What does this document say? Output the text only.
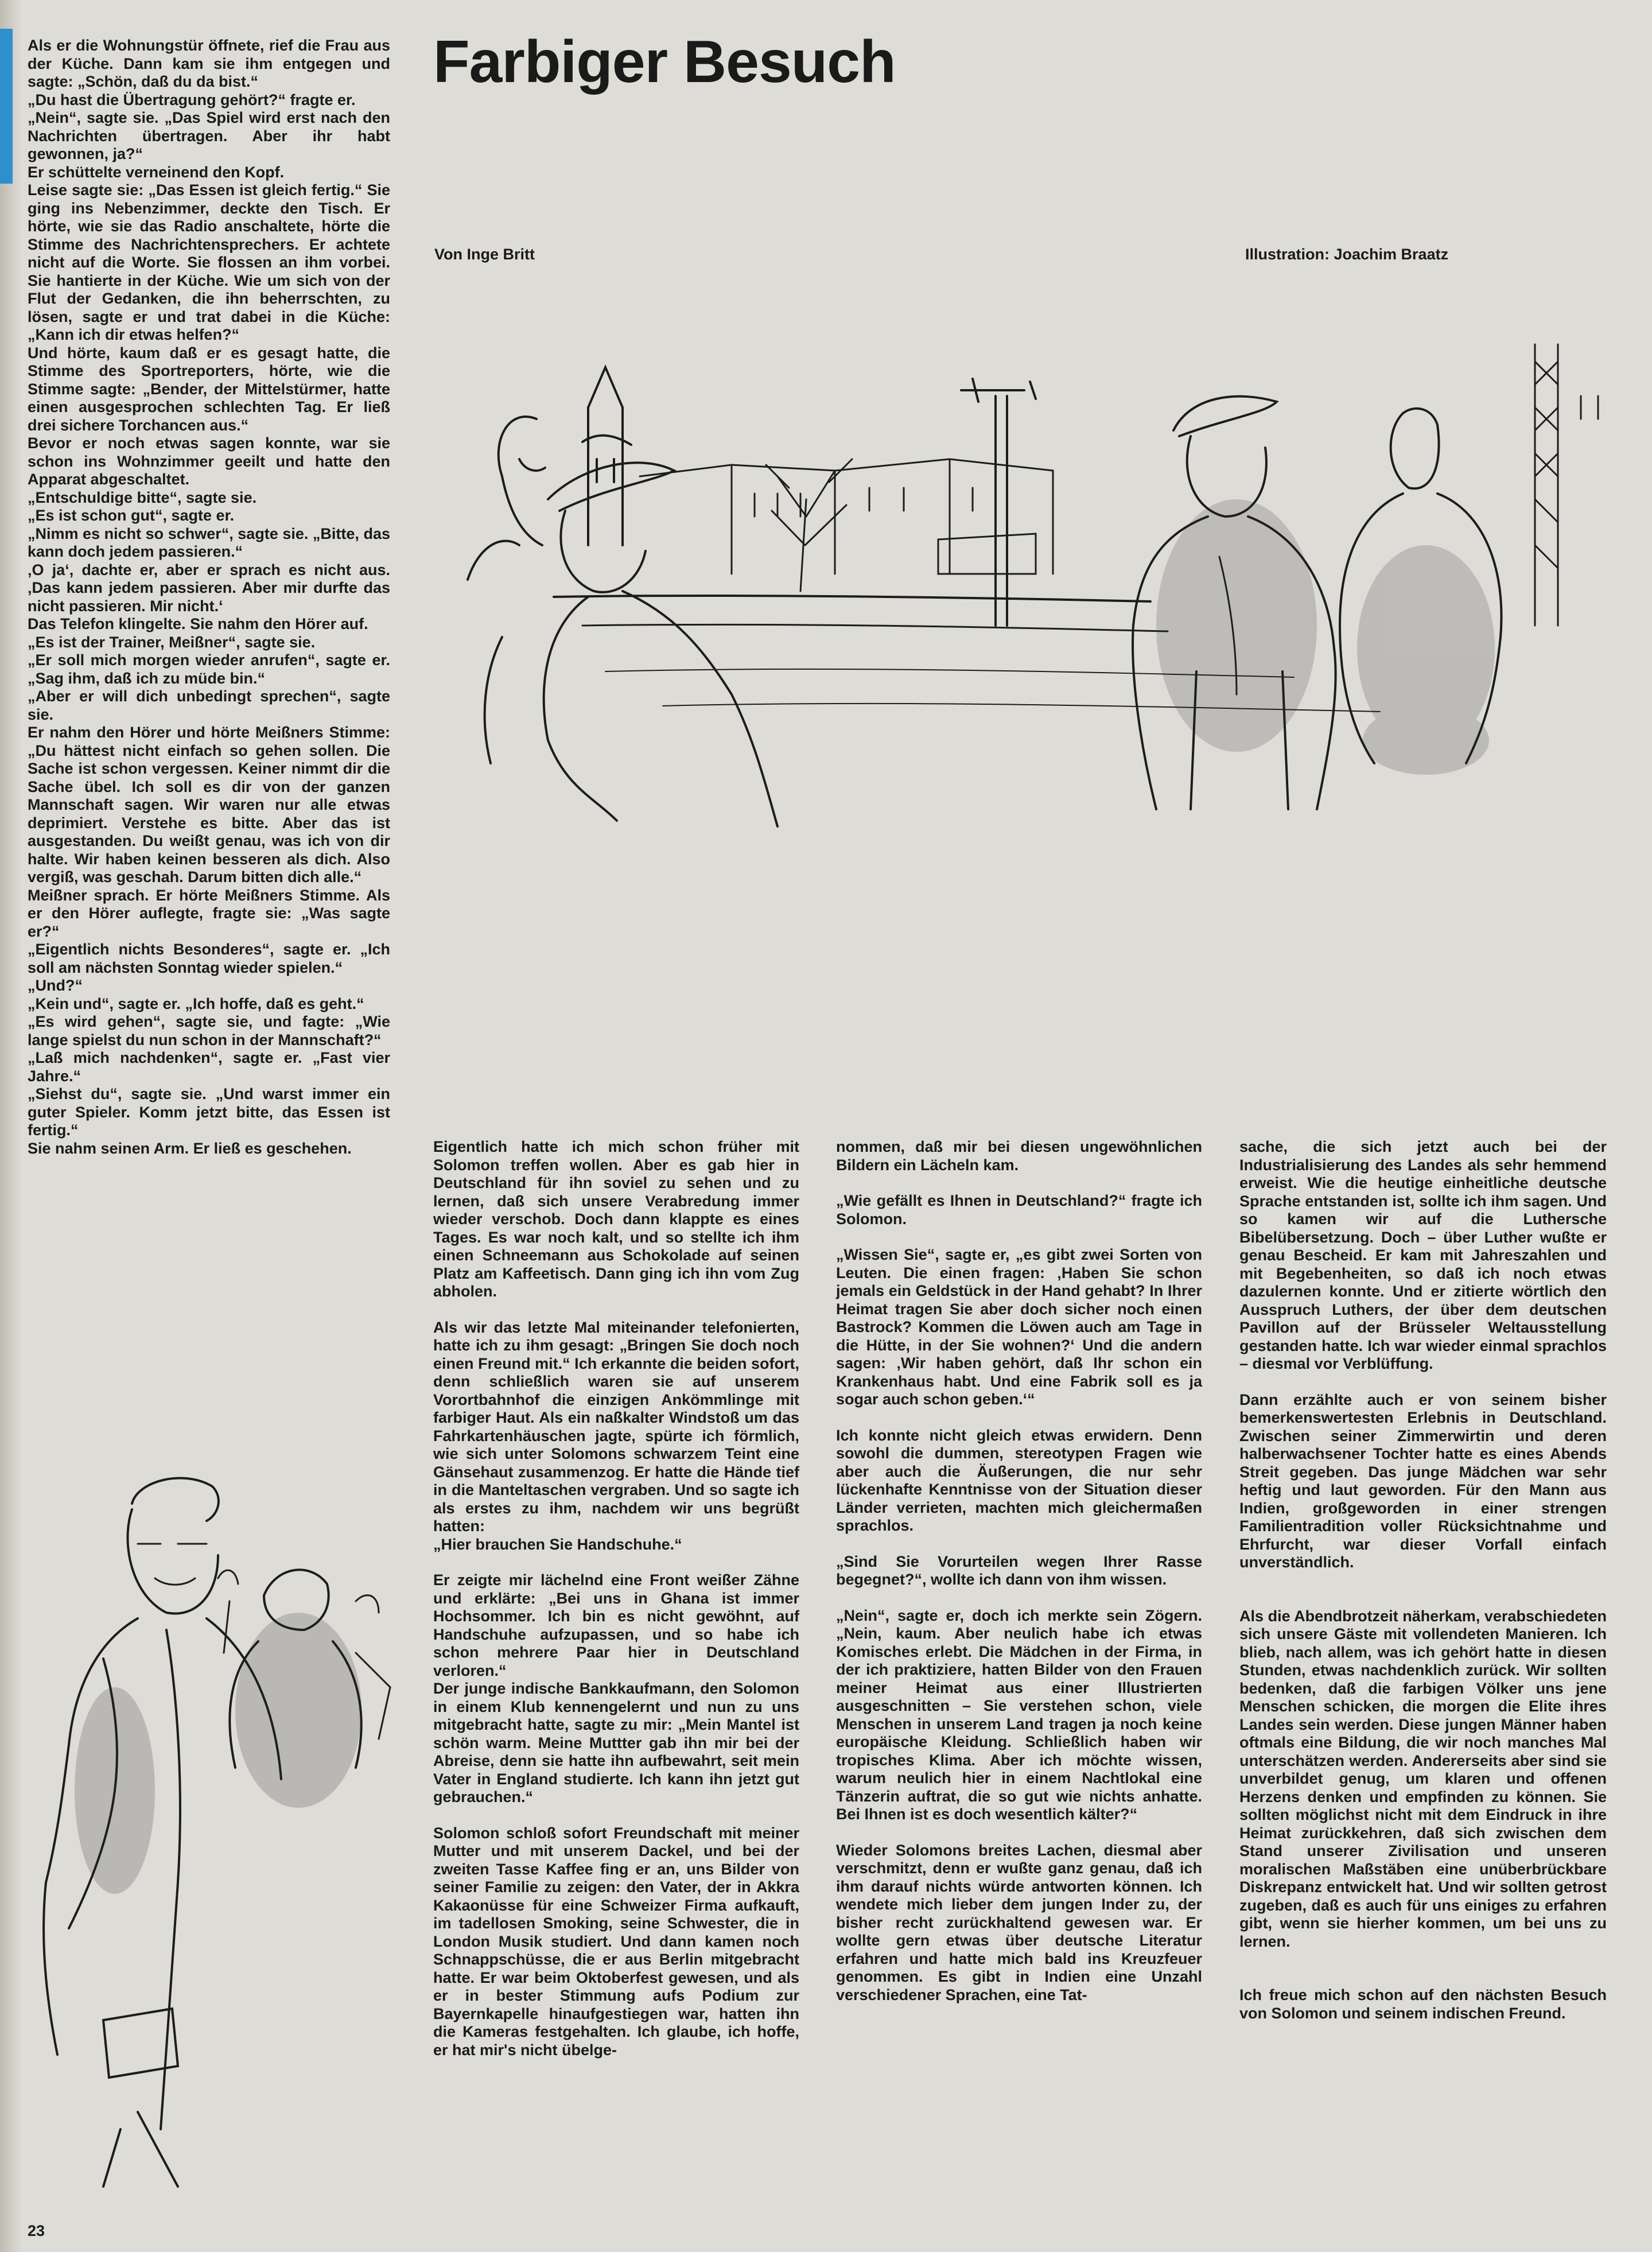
Farbiger Besuch
Von Inge Britt	Illustration: Joachim Braatz

Als er die Wohnungstür öffnete, rief die Frau aus der Küche. Dann kam sie ihm entgegen und sagte: „Schön, daß du da bist.“

„Du hast die Übertragung gehört?“ fragte er.

„Nein“, sagte sie. „Das Spiel wird erst nach den Nachrichten übertragen. Aber ihr habt gewonnen, ja?“

Er schüttelte verneinend den Kopf.

Leise sagte sie: „Das Essen ist gleich fertig.“ Sie ging ins Nebenzimmer, deckte den Tisch. Er hörte, wie sie das Radio anschaltete, hörte die Stimme des Nachrichtensprechers. Er achtete nicht auf die Worte. Sie flossen an ihm vorbei. Sie hantierte in der Küche. Wie um sich von der Flut der Gedanken, die ihn beherrschten, zu lösen, sagte er und trat dabei in die Küche: „Kann ich dir etwas helfen?“

Und hörte, kaum daß er es gesagt hatte, die Stimme des Sportreporters, hörte, wie die Stimme sagte: „Bender, der Mittelstürmer, hatte einen ausgesprochen schlechten Tag. Er ließ drei sichere Torchancen aus.“

Bevor er noch etwas sagen konnte, war sie schon ins Wohnzimmer geeilt und hatte den Apparat abgeschaltet.

„Entschuldige bitte“, sagte sie.

„Es ist schon gut“, sagte er.

„Nimm es nicht so schwer“, sagte sie. „Bitte, das kann doch jedem passieren.“

‚O ja‘, dachte er, aber er sprach es nicht aus. ‚Das kann jedem passieren. Aber mir durfte das nicht passieren. Mir nicht.‘

Das Telefon klingelte. Sie nahm den Hörer auf.

„Es ist der Trainer, Meißner“, sagte sie.

„Er soll mich morgen wieder anrufen“, sagte er. „Sag ihm, daß ich zu müde bin.“

„Aber er will dich unbedingt sprechen“, sagte sie.

Er nahm den Hörer und hörte Meißners Stimme: „Du hättest nicht einfach so gehen sollen. Die Sache ist schon vergessen. Keiner nimmt dir die Sache übel. Ich soll es dir von der ganzen Mannschaft sagen. Wir waren nur alle etwas deprimiert. Verstehe es bitte. Aber das ist ausgestanden. Du weißt genau, was ich von dir halte. Wir haben keinen besseren als dich. Also vergiß, was geschah. Darum bitten dich alle.“

Meißner sprach. Er hörte Meißners Stimme. Als er den Hörer auflegte, fragte sie: „Was sagte er?“

„Eigentlich nichts Besonderes“, sagte er. „Ich soll am nächsten Sonntag wieder spielen.“

„Und?“

„Kein und“, sagte er. „Ich hoffe, daß es geht.“

„Es wird gehen“, sagte sie, und fagte: „Wie lange spielst du nun schon in der Mannschaft?“

„Laß mich nachdenken“, sagte er. „Fast vier Jahre.“

„Siehst du“, sagte sie. „Und warst immer ein guter Spieler. Komm jetzt bitte, das Essen ist fertig.“

Sie nahm seinen Arm. Er ließ es geschehen.	Eigentlich hatte ich mich schon früher mit Solomon treffen wollen. Aber es gab hier in Deutschland für ihn soviel zu sehen und zu lernen, daß sich unsere Verabredung immer wieder verschob. Doch dann klappte es eines Tages. Es war noch kalt, und so stellte ich ihm einen Schneemann aus Schokolade auf seinen Platz am Kaffeetisch. Dann ging ich ihn vom Zug abholen.

Als wir das letzte Mal miteinander telefonierten, hatte ich zu ihm gesagt: „Bringen Sie doch noch einen Freund mit.“ Ich erkannte die beiden sofort, denn schließlich waren sie auf unserem Vorortbahnhof die einzigen Ankömmlinge mit farbiger Haut. Als ein naßkalter Windstoß um das Fahrkartenhäuschen jagte, spürte ich förmlich, wie sich unter Solomons schwarzem Teint eine Gänsehaut zusammenzog. Er hatte die Hände tief in die Manteltaschen vergraben. Und so sagte ich als erstes zu ihm, nachdem wir uns begrüßt hatten:

„Hier brauchen Sie Handschuhe.“

Er zeigte mir lächelnd eine Front weißer Zähne und erklärte: „Bei uns in Ghana ist immer Hochsommer. Ich bin es nicht gewöhnt, auf Handschuhe aufzupassen, und so habe ich schon mehrere Paar hier in Deutschland verloren.“

Der junge indische Bankkaufmann, den Solomon in einem Klub kennengelernt und nun zu uns mitgebracht hatte, sagte zu mir: „Mein Mantel ist schön warm. Meine Muttter gab ihn mir bei der Abreise, denn sie hatte ihn aufbewahrt, seit mein Vater in England studierte. Ich kann ihn jetzt gut gebrauchen.“

Solomon schloß sofort Freundschaft mit meiner Mutter und mit unserem Dackel, und bei der zweiten Tasse Kaffee fing er an, uns Bilder von seiner Familie zu zeigen: den Vater, der in Akkra Kakaonüsse für eine Schweizer Firma aufkauft, im tadellosen Smoking, seine Schwester, die in London Musik studiert. Und dann kamen noch Schnappschüsse, die er aus Berlin mitgebracht hatte. Er war beim Oktoberfest gewesen, und als er in bester Stimmung aufs Podium zur Bayernkapelle hinaufgestiegen war, hatten ihn die Kameras festgehalten. Ich glaube, ich hoffe, er hat mir's nicht übelge-

nommen, daß mir bei diesen ungewöhnlichen Bildern ein Lächeln kam.

„Wie gefällt es Ihnen in Deutschland?“ fragte ich Solomon.

„Wissen Sie“, sagte er, „es gibt zwei Sorten von Leuten. Die einen fragen: ‚Haben Sie schon jemals ein Geldstück in der Hand gehabt? In Ihrer Heimat tragen Sie aber doch sicher noch einen Bastrock? Kommen die Löwen auch am Tage in die Hütte, in der Sie wohnen?‘ Und die andern sagen: ‚Wir haben gehört, daß Ihr schon ein Krankenhaus habt. Und eine Fabrik soll es ja sogar auch schon geben.‘“

Ich konnte nicht gleich etwas erwidern. Denn sowohl die dummen, stereotypen Fragen wie aber auch die Äußerungen, die nur sehr lückenhafte Kenntnisse von der Situation dieser Länder verrieten, machten mich gleichermaßen sprachlos.

„Sind Sie Vorurteilen wegen Ihrer Rasse begegnet?“, wollte ich dann von ihm wissen.

„Nein“, sagte er, doch ich merkte sein Zögern. „Nein, kaum. Aber neulich habe ich etwas Komisches erlebt. Die Mädchen in der Firma, in der ich praktiziere, hatten Bilder von den Frauen meiner Heimat aus einer Illustrierten ausgeschnitten – Sie verstehen schon, viele Menschen in unserem Land tragen ja noch keine europäische Kleidung. Schließlich haben wir tropisches Klima. Aber ich möchte wissen, warum neulich hier in einem Nachtlokal eine Tänzerin auftrat, die so gut wie nichts anhatte. Bei Ihnen ist es doch wesentlich kälter?“

Wieder Solomons breites Lachen, diesmal aber verschmitzt, denn er wußte ganz genau, daß ich ihm darauf nichts würde antworten können. Ich wendete mich lieber dem jungen Inder zu, der bisher recht zurückhaltend gewesen war. Er wollte gern etwas über deutsche Literatur erfahren und hatte mich bald ins Kreuzfeuer genommen. Es gibt in Indien eine Unzahl verschiedener Sprachen, eine Tat-

sache, die sich jetzt auch bei der Industrialisierung des Landes als sehr hemmend erweist. Wie die heutige einheitliche deutsche Sprache entstanden ist, sollte ich ihm sagen. Und so kamen wir auf die Luthersche Bibelübersetzung. Doch – über Luther wußte er genau Bescheid. Er kam mit Jahreszahlen und mit Begebenheiten, so daß ich noch etwas dazulernen konnte. Und er zitierte wörtlich den Ausspruch Luthers, der über dem deutschen Pavillon auf der Brüsseler Weltausstellung gestanden hatte. Ich war wieder einmal sprachlos – diesmal vor Verblüffung.

Dann erzählte auch er von seinem bisher bemerkenswertesten Erlebnis in Deutschland. Zwischen seiner Zimmerwirtin und deren halberwachsener Tochter hatte es eines Abends Streit gegeben. Das junge Mädchen war sehr heftig und laut geworden. Für den Mann aus Indien, großgeworden in einer strengen Familientradition voller Rücksichtnahme und Ehrfurcht, war dieser Vorfall einfach unverständlich.

Als die Abendbrotzeit näherkam, verabschiedeten sich unsere Gäste mit vollendeten Manieren. Ich blieb, nach allem, was ich gehört hatte in diesen Stunden, etwas nachdenklich zurück. Wir sollten bedenken, daß die farbigen Völker uns jene Menschen schicken, die morgen die Elite ihres Landes sein werden. Diese jungen Männer haben oftmals eine Bildung, die wir noch manches Mal unterschätzen werden. Andererseits aber sind sie unverbildet genug, um klaren und offenen Herzens denken und empfinden zu können. Sie sollten möglichst nicht mit dem Eindruck in ihre Heimat zurückkehren, daß sich zwischen dem Stand unserer Zivilisation und unseren moralischen Maßstäben eine unüberbrückbare Diskrepanz entwickelt hat. Und wir sollten getrost zugeben, daß es auch für uns einiges zu erfahren gibt, wenn sie hierher kommen, um bei uns zu lernen.

Ich freue mich schon auf den nächsten Besuch von Solomon und seinem indischen Freund.

23
